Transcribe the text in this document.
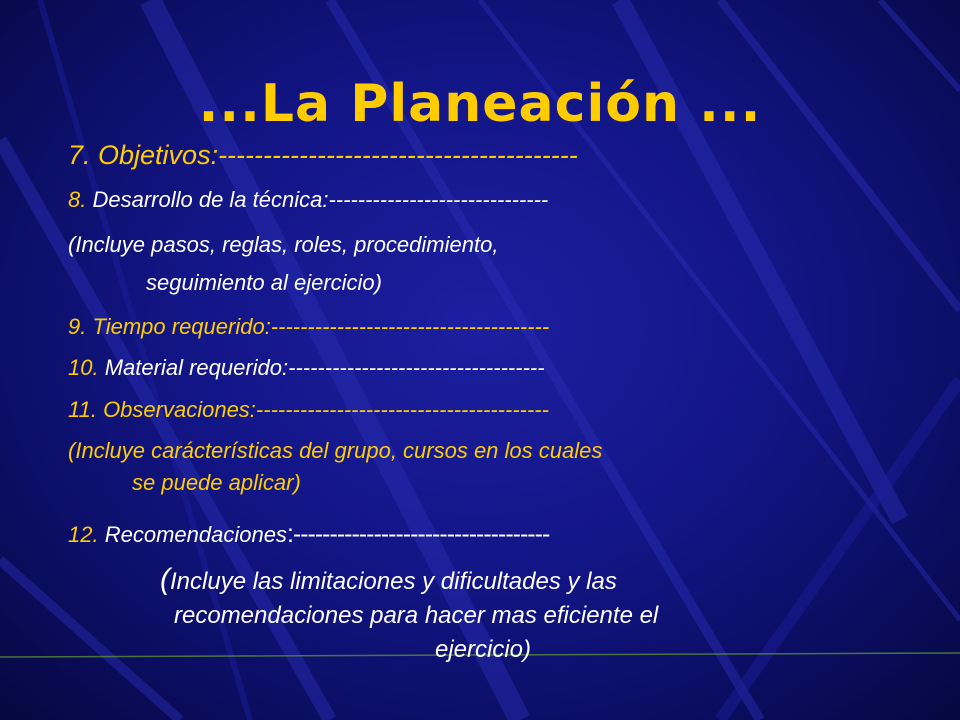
...La Planeación ...
7. Objetivos:----------------------------------------
8. Desarrollo de la técnica:------------------------------
(Incluye pasos, reglas, roles, procedimiento,
seguimiento al ejercicio)
9. Tiempo requerido:--------------------------------------
10. Material requerido:-----------------------------------
11. Observaciones:----------------------------------------
(Incluye carácterísticas del grupo, cursos en los cuales
se puede aplicar)
12. Recomendaciones:-----------------------------------
(Incluye las limitaciones y dificultades y las
recomendaciones para hacer mas eficiente el
ejercicio)
